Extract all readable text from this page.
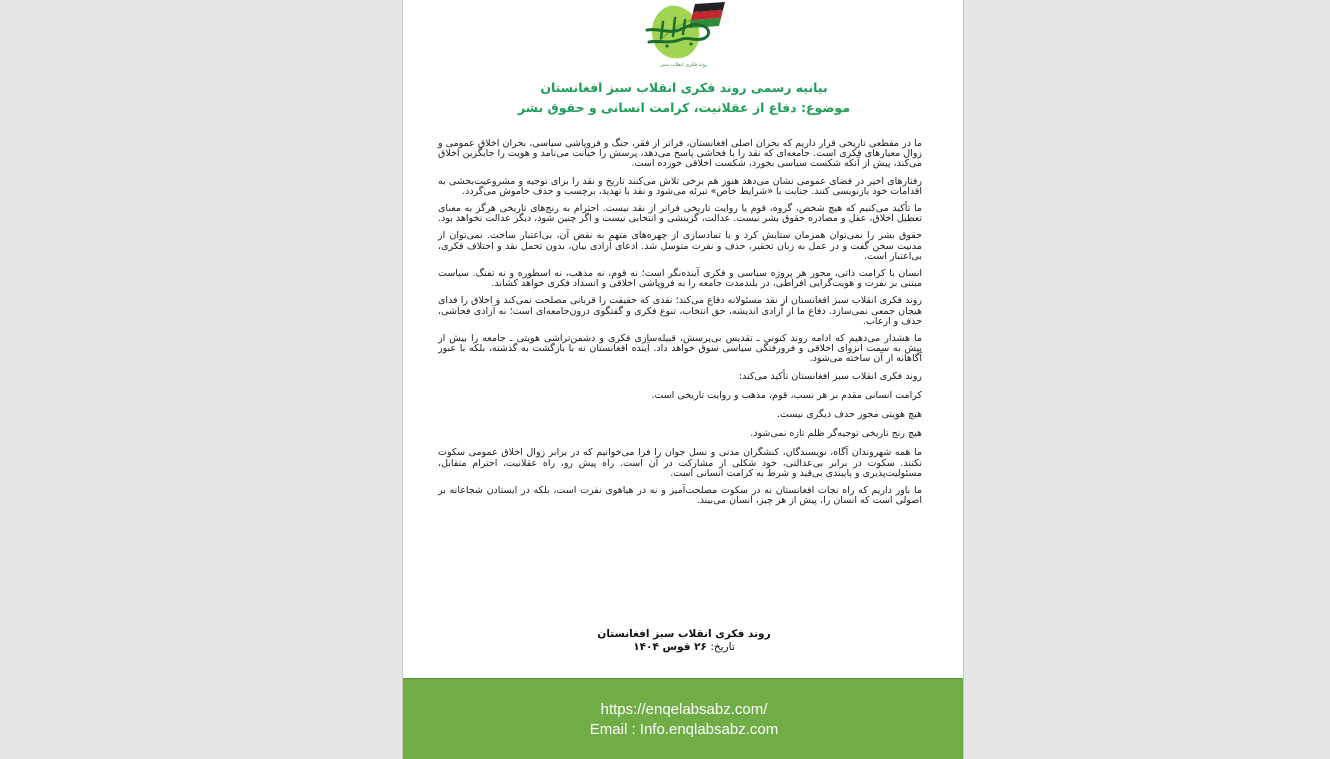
روند فکری انقلاب سبز
بیانیه رسمی روند فکری انقلاب سبز افغانستان
موضوع: دفاع از عقلانیت، کرامت انسانی و حقوق بشر

ما در مقطعی تاریخی قرار داریم که بحران اصلی افغانستان، فراتر از فقر، جنگ و فروپاشی سیاسی، بحران اخلاق عمومی و زوال معیارهای فکری است. جامعه‌ای که نقد را با فحاشی پاسخ می‌دهد، پرسش را خیانت می‌نامد و هویت را جایگزین اخلاق می‌کند، پیش از آنکه شکست سیاسی بخورد، شکست اخلاقی خورده است.

رفتارهای اخیر در فضای عمومی نشان می‌دهد هنوز هم برخی تلاش می‌کنند تاریخ و نقد را برای توجیه و مشروعیت‌بخشی به اقدامات خود بازنویسی کنند. جنایت با «شرایط خاص» تبرئه می‌شود و نقد با تهدید، برچسب و حذف خاموش می‌گردد.

ما تأکید می‌کنیم که هیچ شخص، گروه، قوم یا روایت تاریخی فراتر از نقد نیست. احترام به رنج‌های تاریخی هرگز به معنای تعطیل اخلاق، عقل و مصادره حقوق بشر نیست. عدالت، گزینشی و انتخابی نیست و اگر چنین شود، دیگر عدالت نخواهد بود.

حقوق بشر را نمی‌توان همزمان ستایش کرد و با تمادسازی از چهره‌های متهم به نقض آن، بی‌اعتبار ساخت. نمی‌توان از مدنیت سخن گفت و در عمل به زبان تحقیر، حذف و نفرت متوسل شد. ادعای آزادی بیان، بدون تحمل نقد و اختلاف فکری، بی‌اعتبار است.

انسان با کرامت ذاتی، محور هر پروژه سیاسی و فکری آینده‌نگر است؛ نه قوم، نه مذهب، نه اسطوره و نه تفنگ. سیاست مبتنی بر نفرت و هویت‌گرایی افراطی، در بلندمدت جامعه را به فروپاشی اخلاقی و انسداد فکری خواهد کشاند.

روند فکری انقلاب سبز افغانستان از نقد مسئولانه دفاع می‌کند؛ نقدی که حقیقت را قربانی مصلحت نمی‌کند و اخلاق را فدای هیجان جمعی نمی‌سازد. دفاع ما از آزادی اندیشه، حق انتخاب، تنوع فکری و گفتگوی درون‌جامعه‌ای است؛ نه آزادی فحاشی، حذف و ارعاب.

ما هشدار می‌دهیم که ادامه روند کنونی ـ تقدیس بی‌پرسش، قبیله‌سازی فکری و دشمن‌تراشی هویتی ـ جامعه را بیش از پیش به سمت انزوای اخلاقی و فرورفتگی سیاسی سوق خواهد داد. آینده افغانستان نه با بازگشت به گذشته، بلکه با عبور آگاهانه از آن ساخته می‌شود.

روند فکری انقلاب سبز افغانستان تأکید می‌کند:

کرامت انسانی مقدم بر هر نسب، قوم، مذهب و روایت تاریخی است.

هیچ هویتی مجوز حذف دیگری نیست.

هیچ رنج تاریخی توجیه‌گر ظلم تازه نمی‌شود.

ما همه شهروندان آگاه، نویسندگان، کنشگران مدنی و نسل جوان را فرا می‌خوانیم که در برابر زوال اخلاق عمومی سکوت نکنند. سکوت در برابر بی‌عدالتی، خود شکلی از مشارکت در آن است. راه پیش رو، راه عقلانیت، احترام متقابل، مسئولیت‌پذیری و پایبندی بی‌قید و شرط به کرامت انسانی است.

ما باور داریم که راه نجات افغانستان نه در سکوت مصلحت‌آمیز و نه در هیاهوی نفرت است، بلکه در ایستادن شجاعانه بر اصولی است که انسان را، پیش از هر چیز، انسان می‌بیند.

روند فکری انقلاب سبز افغانستان
تاریخ: ۲۶ قوس ۱۴۰۴
https://enqelabsabz.com/
Email : Info.enqlabsabz.com
